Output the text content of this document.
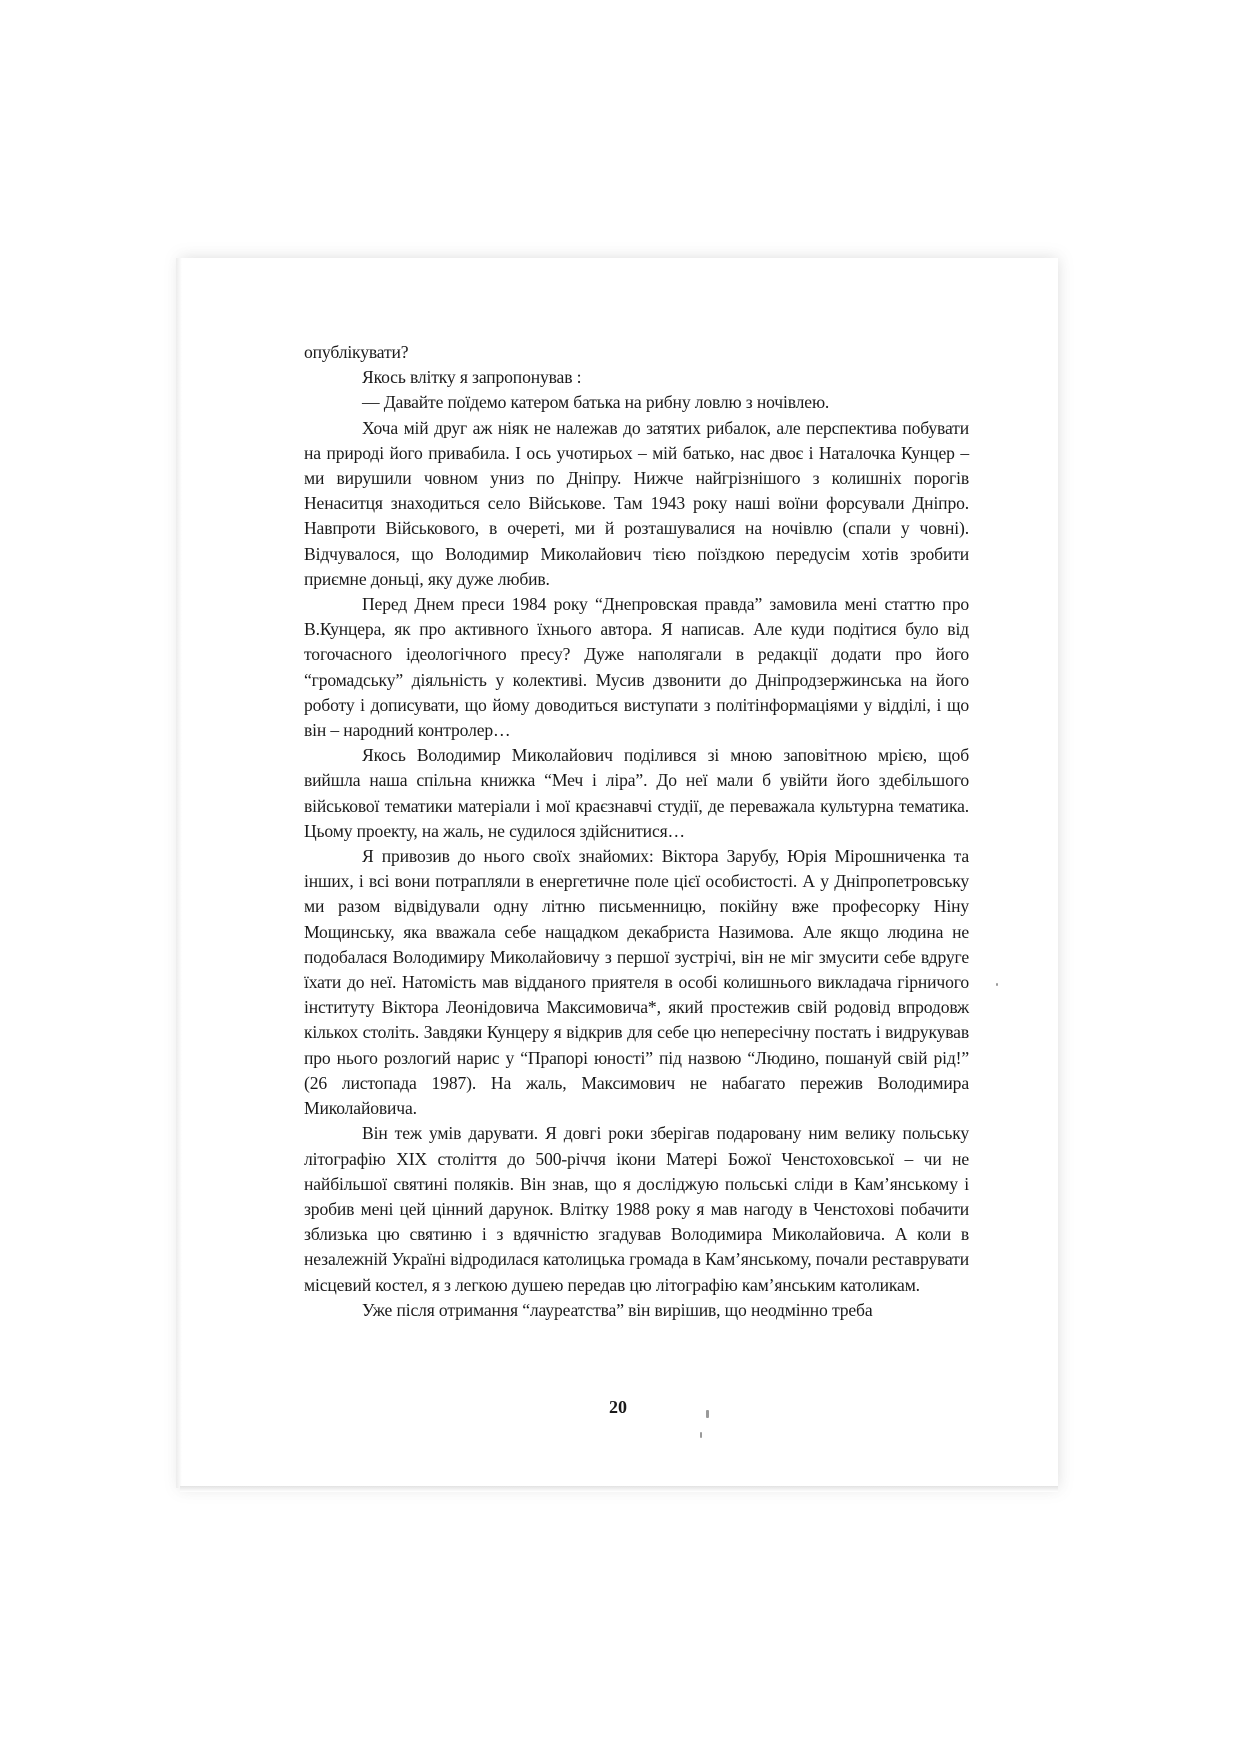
опублікувати?

Якось влітку я запропонував :

— Давайте поїдемо катером батька на рибну ловлю з ночівлею.

Хоча мій друг аж ніяк не належав до затятих рибалок, але перспектива побувати на природі його привабила. І ось учотирьох – мій батько, нас двоє і Наталочка Кунцер – ми вирушили човном униз по Дніпру. Нижче найгрізнішого з колишніх порогів Ненаситця знаходиться село Військове. Там 1943 року наші воїни форсували Дніпро. Навпроти Військового, в очереті, ми й розташувалися на ночівлю (спали у човні). Відчувалося, що Володимир Миколайович тією поїздкою передусім хотів зробити приємне доньці, яку дуже любив.

Перед Днем преси 1984 року “Днепровская правда” замовила мені статтю про В.Кунцера, як про активного їхнього автора. Я написав. Але куди подітися було від тогочасного ідеологічного пресу? Дуже наполягали в редакції додати про його “громадську” діяльність у колективі. Мусив дзвонити до Дніпродзержинська на його роботу і дописувати, що йому доводиться виступати з політінформаціями у відділі, і що він – народний контролер…

Якось Володимир Миколайович поділився зі мною заповітною мрією, щоб вийшла наша спільна книжка “Меч і ліра”. До неї мали б увійти його здебільшого військової тематики матеріали і мої краєзнавчі студії, де переважала культурна тематика. Цьому проекту, на жаль, не судилося здійснитися…

Я привозив до нього своїх знайомих: Віктора Зарубу, Юрія Мірошниченка та інших, і всі вони потрапляли в енергетичне поле цієї особистості. А у Дніпропетровську ми разом відвідували одну літню письменницю, покійну вже професорку Ніну Мощинську, яка вважала себе нащадком декабриста Назимова. Але якщо людина не подобалася Володимиру Миколайовичу з першої зустрічі, він не міг змусити себе вдруге їхати до неї. Натомість мав відданого приятеля в особі колишнього викладача гірничого інституту Віктора Леонідовича Максимовича*, який простежив свій родовід впродовж кількох століть. Завдяки Кунцеру я відкрив для себе цю непересічну постать і видрукував про нього розлогий нарис у “Прапорі юності” під назвою “Людино, пошануй свій рід!” (26 листопада 1987). На жаль, Максимович не набагато пережив Володимира Миколайовича.

Він теж умів дарувати. Я довгі роки зберігав подаровану ним велику польську літографію XIX століття до 500-річчя ікони Матері Божої Ченстоховської – чи не найбільшої святині поляків. Він знав, що я досліджую польські сліди в Кам’янському і зробив мені цей цінний дарунок. Влітку 1988 року я мав нагоду в Ченстохові побачити зблизька цю святиню і з вдячністю згадував Володимира Миколайовича. А коли в незалежній Україні відродилася католицька громада в Кам’янському, почали реставрувати місцевий костел, я з легкою душею передав цю літографію кам’янським католикам.

Уже після отримання “лауреатства” він вирішив, що неодмінно треба

20
